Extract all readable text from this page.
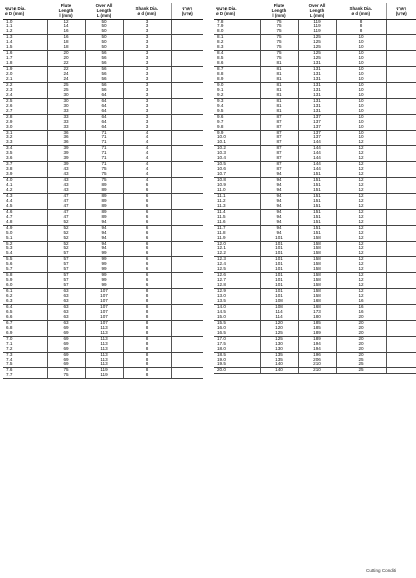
ขนาด Dia.
ø D (mm)	Flute
Length
l (mm)	Over All
Length
L (mm)	Shank Dia.
ø d (mm)	ราคา
(บาท)
1.0	12	50	3	
1.1	14	50	3	
1.2	16	50	3	
1.3	16	50	3	
1.4	18	50	3	
1.5	18	50	3	
1.6	20	56	3	
1.7	20	56	3	
1.8	22	56	3	
1.9	22	56	3	
2.0	24	56	3	
2.1	24	56	3	
2.2	25	56	3	
2.3	25	56	3	
2.4	30	64	3	
2.5	30	64	3	
2.6	30	64	3	
2.7	33	64	3	
2.8	33	64	3	
2.9	33	64	3	
3.0	33	64	3	
3.1	36	71	4	
3.2	36	71	4	
3.3	36	71	4	
3.4	39	71	4	
3.5	39	71	4	
3.6	39	71	4	
3.7	39	71	4	
3.8	43	75	4	
3.9	43	75	4	
4.0	43	75	4	
4.1	43	89	6	
4.2	43	89	6	
4.3	47	89	6	
4.4	47	89	6	
4.5	47	89	6	
4.6	47	89	6	
4.7	47	89	6	
4.8	52	94	6	
4.9	52	94	6	
5.0	52	94	6	
5.1	52	94	6	
5.2	52	94	6	
5.3	52	94	6	
5.4	57	99	6	
5.5	57	99	6	
5.6	57	99	6	
5.7	57	99	6	
5.8	57	99	6	
5.9	57	99	6	
6.0	57	99	6	
6.1	63	107	8	
6.2	63	107	8	
6.3	63	107	8	
6.4	63	107	8	
6.5	63	107	8	
6.6	63	107	8	
6.7	63	107	8	
6.8	69	113	8	
6.9	69	113	8	
7.0	69	113	8	
7.1	69	113	8	
7.2	69	113	8	
7.3	69	113	8	
7.4	69	113	8	
7.5	69	113	8	
7.6	75	119	8	
7.7	75	119	8	
ขนาด Dia.
ø D (mm)	Flute
Length
l (mm)	Over All
Length
L (mm)	Shank Dia.
ø d (mm)	ราคา
(บาท)
7.8	75	119	8	
7.9	75	119	8	
8.0	75	119	8	
8.1	75	125	10	
8.2	75	125	10	
8.3	75	125	10	
8.4	75	125	10	
8.5	75	125	10	
8.6	81	131	10	
8.7	81	131	10	
8.8	81	131	10	
8.9	81	131	10	
9.0	81	131	10	
9.1	81	131	10	
9.2	81	131	10	
9.3	81	131	10	
9.4	81	131	10	
9.5	81	131	10	
9.6	87	137	10	
9.7	87	137	10	
9.8	87	137	10	
9.9	87	137	10	
10.0	87	137	10	
10.1	87	144	12	
10.2	87	144	12	
10.3	87	144	12	
10.4	87	144	12	
10.5	87	144	12	
10.6	87	144	12	
10.7	94	151	12	
10.8	94	151	12	
10.9	94	151	12	
11.0	94	151	12	
11.1	94	151	12	
11.2	94	151	12	
11.3	94	151	12	
11.4	94	151	12	
11.5	94	151	12	
11.6	94	151	12	
11.7	94	151	12	
11.8	94	151	12	
11.9	101	158	12	
12.0	101	158	12	
12.1	101	158	12	
12.2	101	158	12	
12.3	101	158	12	
12.4	101	158	12	
12.5	101	158	12	
12.6	101	158	12	
12.7	101	158	12	
12.8	101	158	12	
12.9	101	158	12	
13.0	101	158	12	
13.5	108	168	16	
14.0	108	168	16	
14.5	114	173	16	
15.0	114	180	20	
15.5	120	185	20	
16.0	120	185	20	
16.5	125	189	20	
17.0	125	189	20	
17.5	130	194	20	
18.0	130	194	20	
18.5	135	196	20	
19.0	135	206	25	
19.5	140	210	25	
20.0	140	210	25	
Cutting Conditi
